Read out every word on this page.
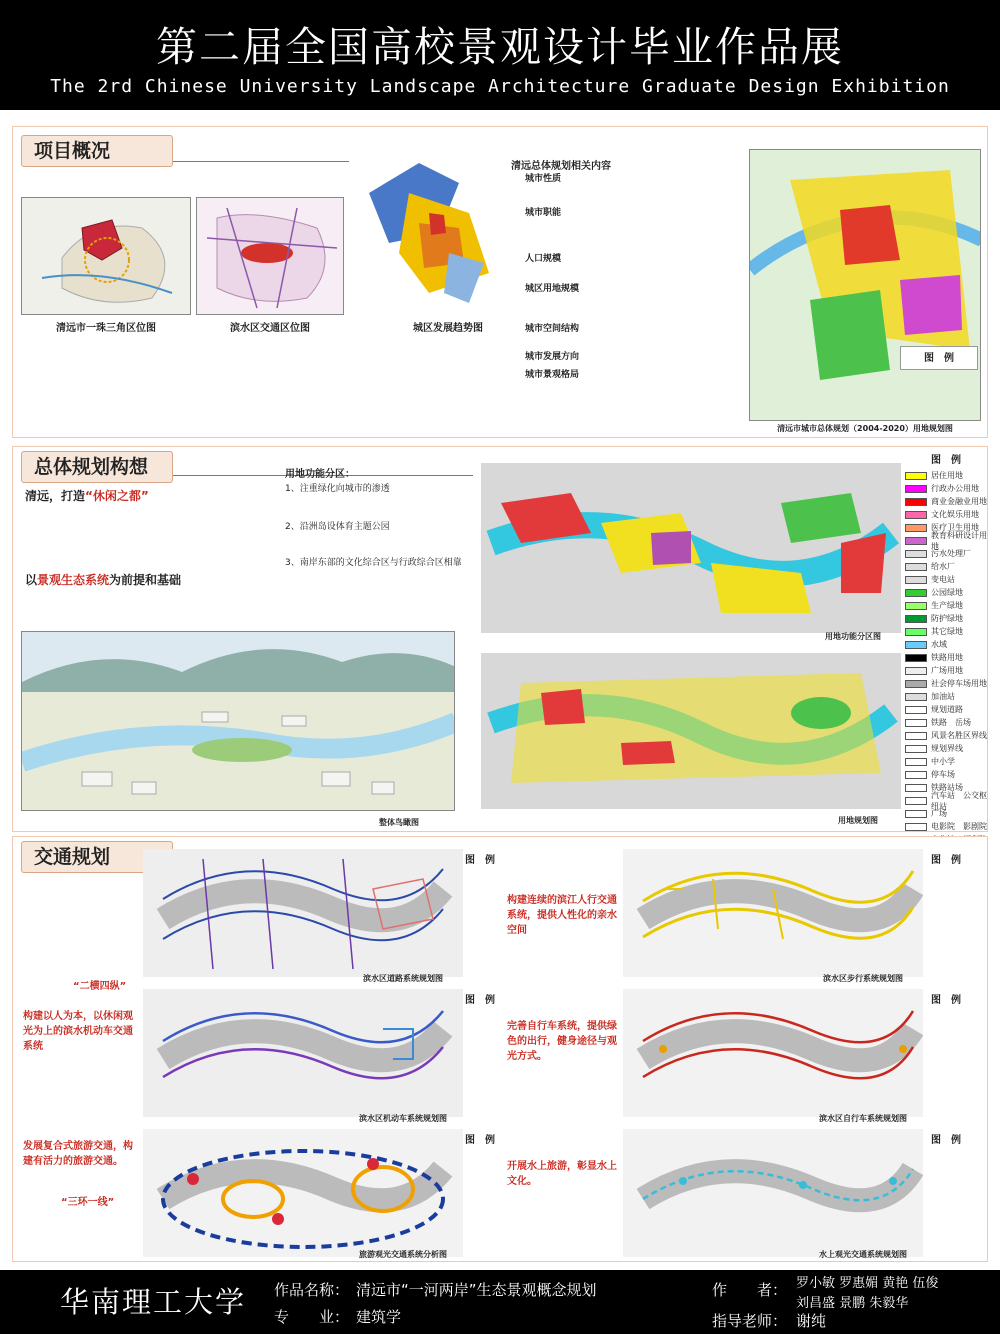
第二届全国高校景观设计毕业作品展
The 2rd Chinese University Landscape Architecture Graduate Design Exhibition
项目概况
清远市一珠三角区位图	滨水区交通区位图	城区发展趋势图
清远总体规划相关内容
城市性质
城市职能
人口规模
城区用地规模
城市空间结构
城市发展方向
城市景观格局
图　例
清远市城市总体规划（2004-2020）用地规划图
总体规划构想
清远，打造“休闲之都”
以景观生态系统为前提和基础
用地功能分区：
1、注重绿化向城市的渗透
2、沿洲岛设体育主题公园
3、南岸东部的文化综合区与行政综合区相靠
整体鸟瞰图
用地功能分区图
用地规划图
图　例
居住用地
行政办公用地
商业金融业用地
文化娱乐用地
医疗卫生用地
教育科研设计用地
污水处理厂
给水厂
变电站
公园绿地
生产绿地
防护绿地
其它绿地
水域
铁路用地
广场用地
社会停车场用地
加油站
规划道路
铁路　岳场
风景名胜区界线
规划界线
中小学
停车场
铁路站场
汽车站　公交枢纽站
广场
电影院　影剧院
交通规划
“二横四纵”
构建以人为本，以休闲观光为上的滨水机动车交通系统
发展复合式旅游交通，构建有活力的旅游交通。
“三环一线”
构建连续的滨江人行交通系统，提供人性化的亲水空间
完善自行车系统，提供绿色的出行，健身途径与观光方式。
开展水上旅游，彰显水上文化。
滨水区道路系统规划图	滨水区步行系统规划图
滨水区机动车系统规划图	滨水区自行车系统规划图
旅游观光交通系统分析图	水上观光交通系统规划图
图　例	图　例
图　例	图　例
图　例	图　例
华南理工大学 作品名称： 清远市“一河两岸”生态景观概念规划
专　　业： 建筑学
作　　者： 罗小敏 罗惠媚 黄艳 伍俊
刘昌盛 景鹏 朱毅华
指导老师： 谢纯
